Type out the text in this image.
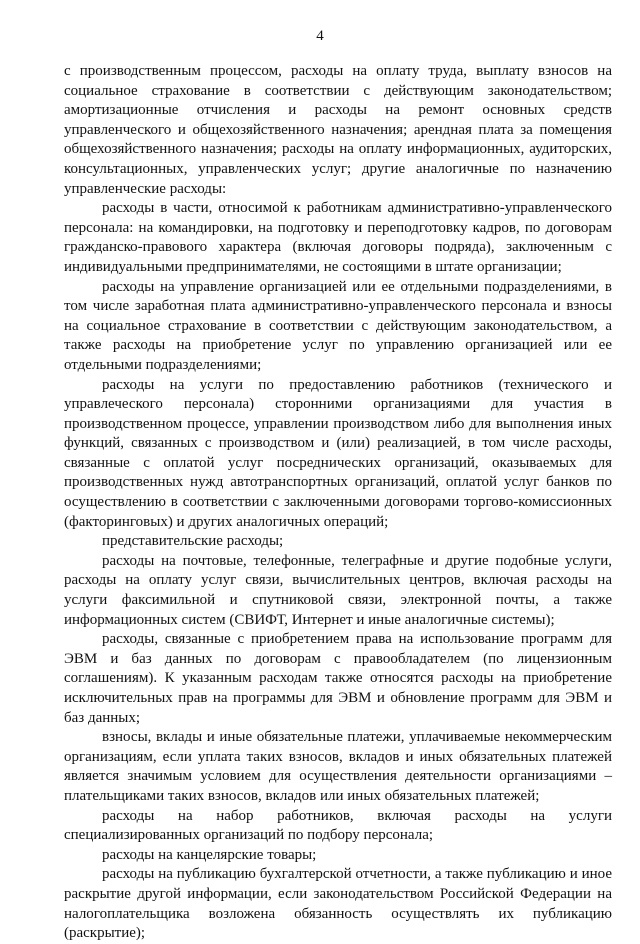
4

с производственным процессом, расходы на оплату труда, выплату взносов на социальное страхование в соответствии с действующим законодательством; амортизационные отчисления и расходы на ремонт основных средств управленческого и общехозяйственного назначения; арендная плата за помещения общехозяйственного назначения; расходы на оплату информационных, аудиторских, консультационных, управленческих услуг; другие аналогичные по назначению управленческие расходы:

расходы в части, относимой к работникам административно-управленческого персонала: на командировки, на подготовку и переподготовку кадров, по договорам гражданско-правового характера (включая договоры подряда), заключенным с индивидуальными предпринимателями, не состоящими в штате организации;

расходы на управление организацией или ее отдельными подразделениями, в том числе заработная плата административно-управленческого персонала и взносы на социальное страхование в соответствии с действующим законодательством, а также расходы на приобретение услуг по управлению организацией или ее отдельными подразделениями;

расходы на услуги по предоставлению работников (технического и управлеческого персонала) сторонними организациями для участия в производственном процессе, управлении производством либо для выполнения иных функций, связанных с производством и (или) реализацией, в том числе расходы, связанные с оплатой услуг посреднических организаций, оказываемых для производственных нужд автотранспортных организаций, оплатой услуг банков по осуществлению в соответствии с заключенными договорами торгово-комиссионных (факторинговых) и других аналогичных операций;

представительские расходы;

расходы на почтовые, телефонные, телеграфные и другие подобные услуги, расходы на оплату услуг связи, вычислительных центров, включая расходы на услуги факсимильной и спутниковой связи, электронной почты, а также информационных систем (СВИФТ, Интернет и иные аналогичные системы);

расходы, связанные с приобретением права на использование программ для ЭВМ и баз данных по договорам с правообладателем (по лицензионным соглашениям). К указанным расходам также относятся расходы на приобретение исключительных прав на программы для ЭВМ и обновление программ для ЭВМ и баз данных;

взносы, вклады и иные обязательные платежи, уплачиваемые некоммерческим организациям, если уплата таких взносов, вкладов и иных обязательных платежей является значимым условием для осуществления деятельности организациями – плательщиками таких взносов, вкладов или иных обязательных платежей;

расходы на набор работников, включая расходы на услуги специализированных организаций по подбору персонала;

расходы на канцелярские товары;

расходы на публикацию бухгалтерской отчетности, а также публикацию и иное раскрытие другой информации, если законодательством Российской Федерации на налогоплательщика возложена обязанность осуществлять их публикацию (раскрытие);
